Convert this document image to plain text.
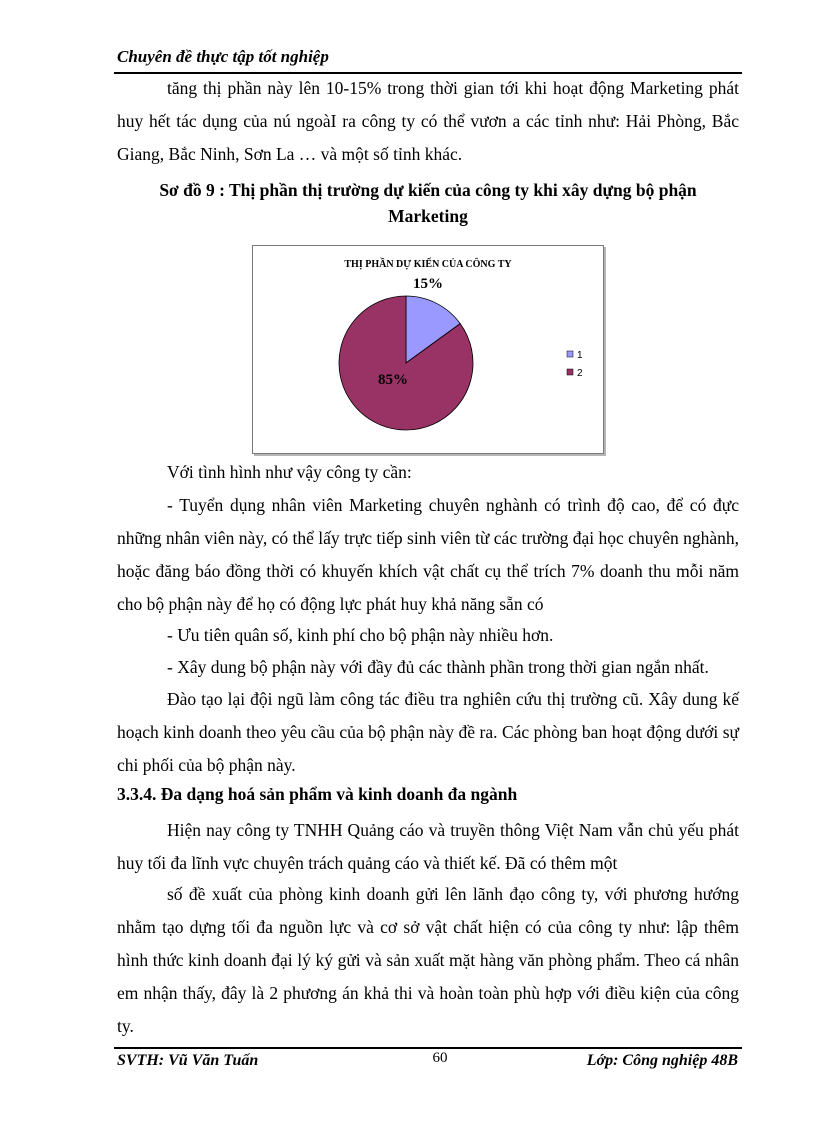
Chuyên đề thực tập tốt nghiệp
tăng thị phần này lên 10-15% trong thời gian tới khi hoạt động Marketing phát huy hết tác dụng của nú ngoàI ra công ty có thể vươn a các tỉnh như: Hải Phòng, Bắc Giang, Bắc Ninh, Sơn La … và một số tỉnh khác.
Sơ đồ 9 : Thị phần thị trường dự kiến của công ty khi xây dựng bộ phận
Marketing
THỊ PHẦN DỰ KIẾN CỦA CÔNG TY
15%
85%
1
2
Với tình hình như vậy công ty cần:
- Tuyển dụng nhân viên Marketing chuyên nghành có trình độ cao, để có đực những nhân viên này, có thể lấy trực tiếp sinh viên từ các trường đại học chuyên nghành, hoặc đăng báo đồng thời có khuyến khích vật chất cụ thể trích 7% doanh thu mỗi năm cho bộ phận này để họ có động lực phát huy khả năng sẵn có
- Ưu tiên quân số, kinh phí cho bộ phận này nhiều hơn.
- Xây dung bộ phận này với đầy đủ các thành phần trong thời gian ngắn nhất.
Đào tạo lại đội ngũ làm công tác điều tra nghiên cứu thị trường cũ. Xây dung kế hoạch kinh doanh theo yêu cầu của bộ phận này đề ra. Các phòng ban hoạt động dưới sự chi phối của bộ phận này.
3.3.4. Đa dạng hoá sản phẩm và kinh doanh đa ngành
Hiện nay công ty TNHH Quảng cáo và truyền thông Việt Nam vẫn chủ yếu phát huy tối đa lĩnh vực chuyên trách quảng cáo và thiết kế. Đã có thêm một
số đề xuất của phòng kinh doanh gửi lên lãnh đạo công ty, với phương hướng nhằm tạo dựng tối đa nguồn lực và cơ sở vật chất hiện có của công ty như: lập thêm hình thức kinh doanh đại lý ký gửi và sản xuất mặt hàng văn phòng phẩm. Theo cá nhân em nhận thấy, đây là 2 phương án khả thi và hoàn toàn phù hợp với điều kiện của công ty.
SVTH: Vũ Văn Tuấn	60	Lớp: Công nghiệp 48B
